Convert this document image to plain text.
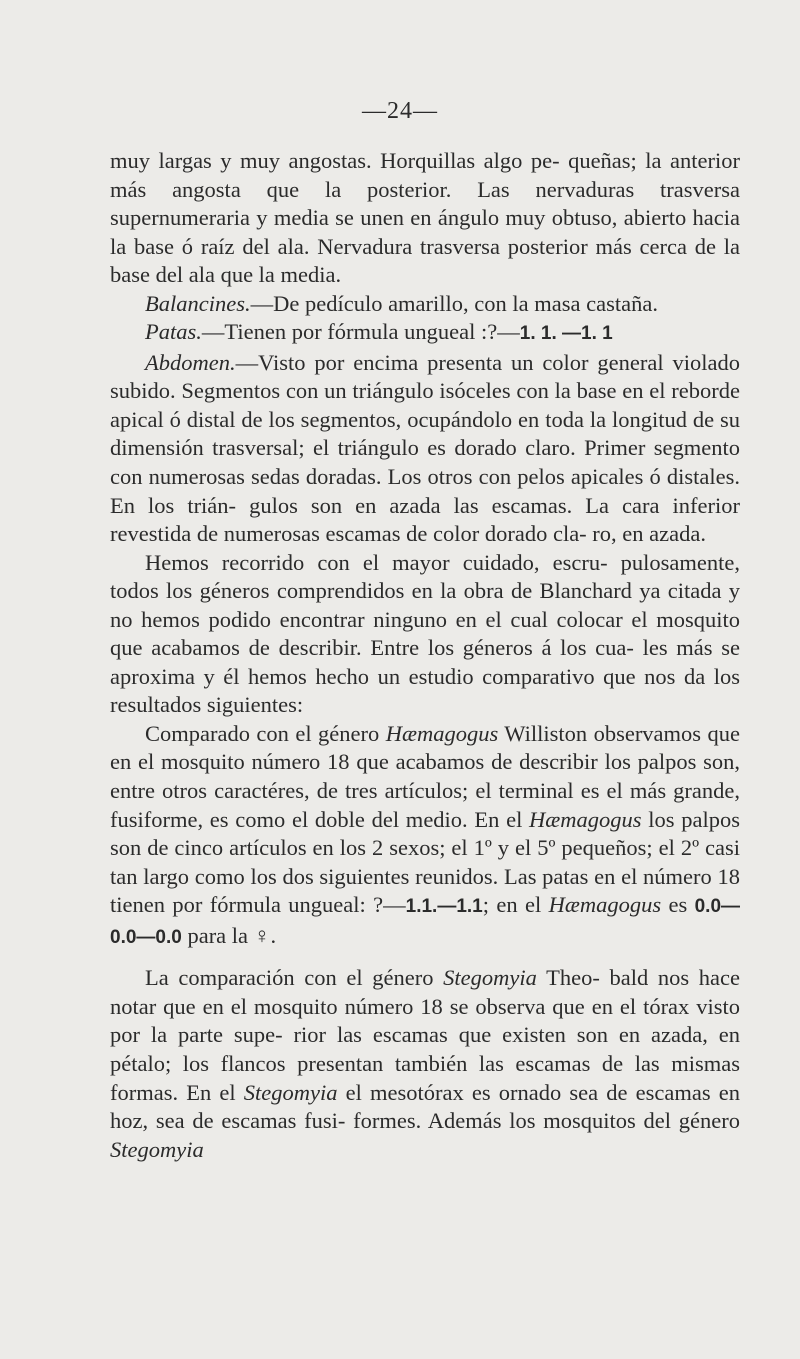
—24—

muy largas y muy angostas. Horquillas algo pe- queñas; la anterior más angosta que la posterior. Las nervaduras trasversa supernumeraria y media se unen en ángulo muy obtuso, abierto hacia la base ó raíz del ala. Nervadura trasversa posterior más cerca de la base del ala que la media.

Balancines.—De pedículo amarillo, con la masa castaña.

Patas.—Tienen por fórmula ungueal :?—1. 1. —1. 1

Abdomen.—Visto por encima presenta un color general violado subido. Segmentos con un triángulo isóceles con la base en el reborde apical ó distal de los segmentos, ocupándolo en toda la longitud de su dimensión trasversal; el triángulo es dorado claro. Primer segmento con numerosas sedas doradas. Los otros con pelos apicales ó distales. En los trián- gulos son en azada las escamas. La cara inferior revestida de numerosas escamas de color dorado cla- ro, en azada.

Hemos recorrido con el mayor cuidado, escru- pulosamente, todos los géneros comprendidos en la obra de Blanchard ya citada y no hemos podido encontrar ninguno en el cual colocar el mosquito que acabamos de describir. Entre los géneros á los cua- les más se aproxima y él hemos hecho un estudio comparativo que nos da los resultados siguientes:

Comparado con el género Hæmagogus Williston observamos que en el mosquito número 18 que acabamos de describir los palpos son, entre otros caractéres, de tres artículos; el terminal es el más grande, fusiforme, es como el doble del medio. En el Hæmagogus los palpos son de cinco artículos en los 2 sexos; el 1º y el 5º pequeños; el 2º casi tan largo como los dos siguientes reunidos. Las patas en el número 18 tienen por fórmula ungueal: ?—1.1.—1.1; en el Hæmagogus es 0.0—0.0—0.0 para la ♀.

La comparación con el género Stegomyia Theo- bald nos hace notar que en el mosquito número 18 se observa que en el tórax visto por la parte supe- rior las escamas que existen son en azada, en pétalo; los flancos presentan también las escamas de las mismas formas. En el Stegomyia el mesotórax es ornado sea de escamas en hoz, sea de escamas fusi- formes. Además los mosquitos del género Stegomyia
